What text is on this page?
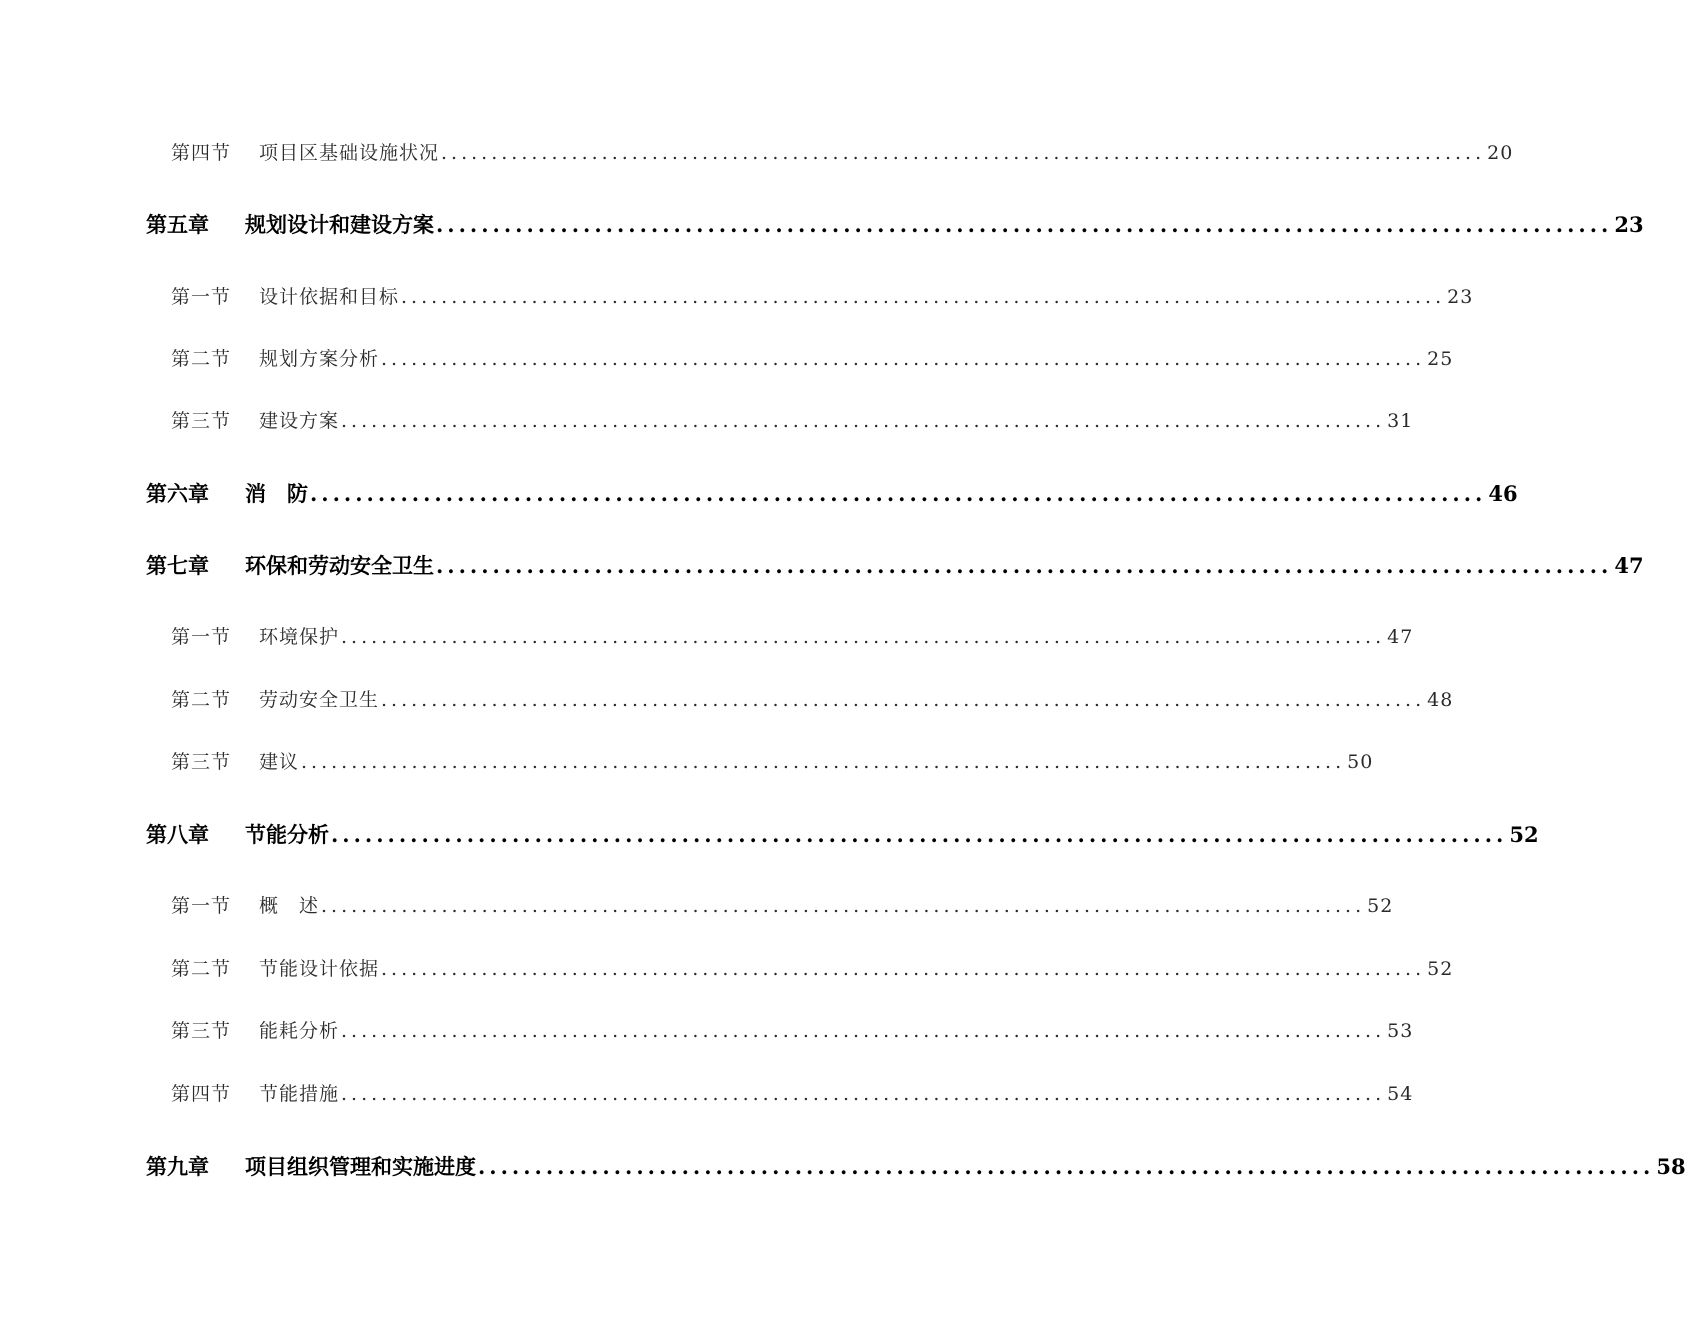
第四节	项目区基础设施状况 ........................................................................................................ 20
第五章	规划设计和建设方案 ........................................................................................................ 23
第一节	设计依据和目标 ........................................................................................................ 23
第二节	规划方案分析 ........................................................................................................ 25
第三节	建设方案 ........................................................................................................ 31
第六章	消　防 ........................................................................................................ 46
第七章	环保和劳动安全卫生 ........................................................................................................ 47
第一节	环境保护 ........................................................................................................ 47
第二节	劳动安全卫生 ........................................................................................................ 48
第三节	建议 ........................................................................................................ 50
第八章	节能分析 ........................................................................................................ 52
第一节	概　述 ........................................................................................................ 52
第二节	节能设计依据 ........................................................................................................ 52
第三节	能耗分析 ........................................................................................................ 53
第四节	节能措施 ........................................................................................................ 54
第九章	项目组织管理和实施进度 ........................................................................................................ 58
